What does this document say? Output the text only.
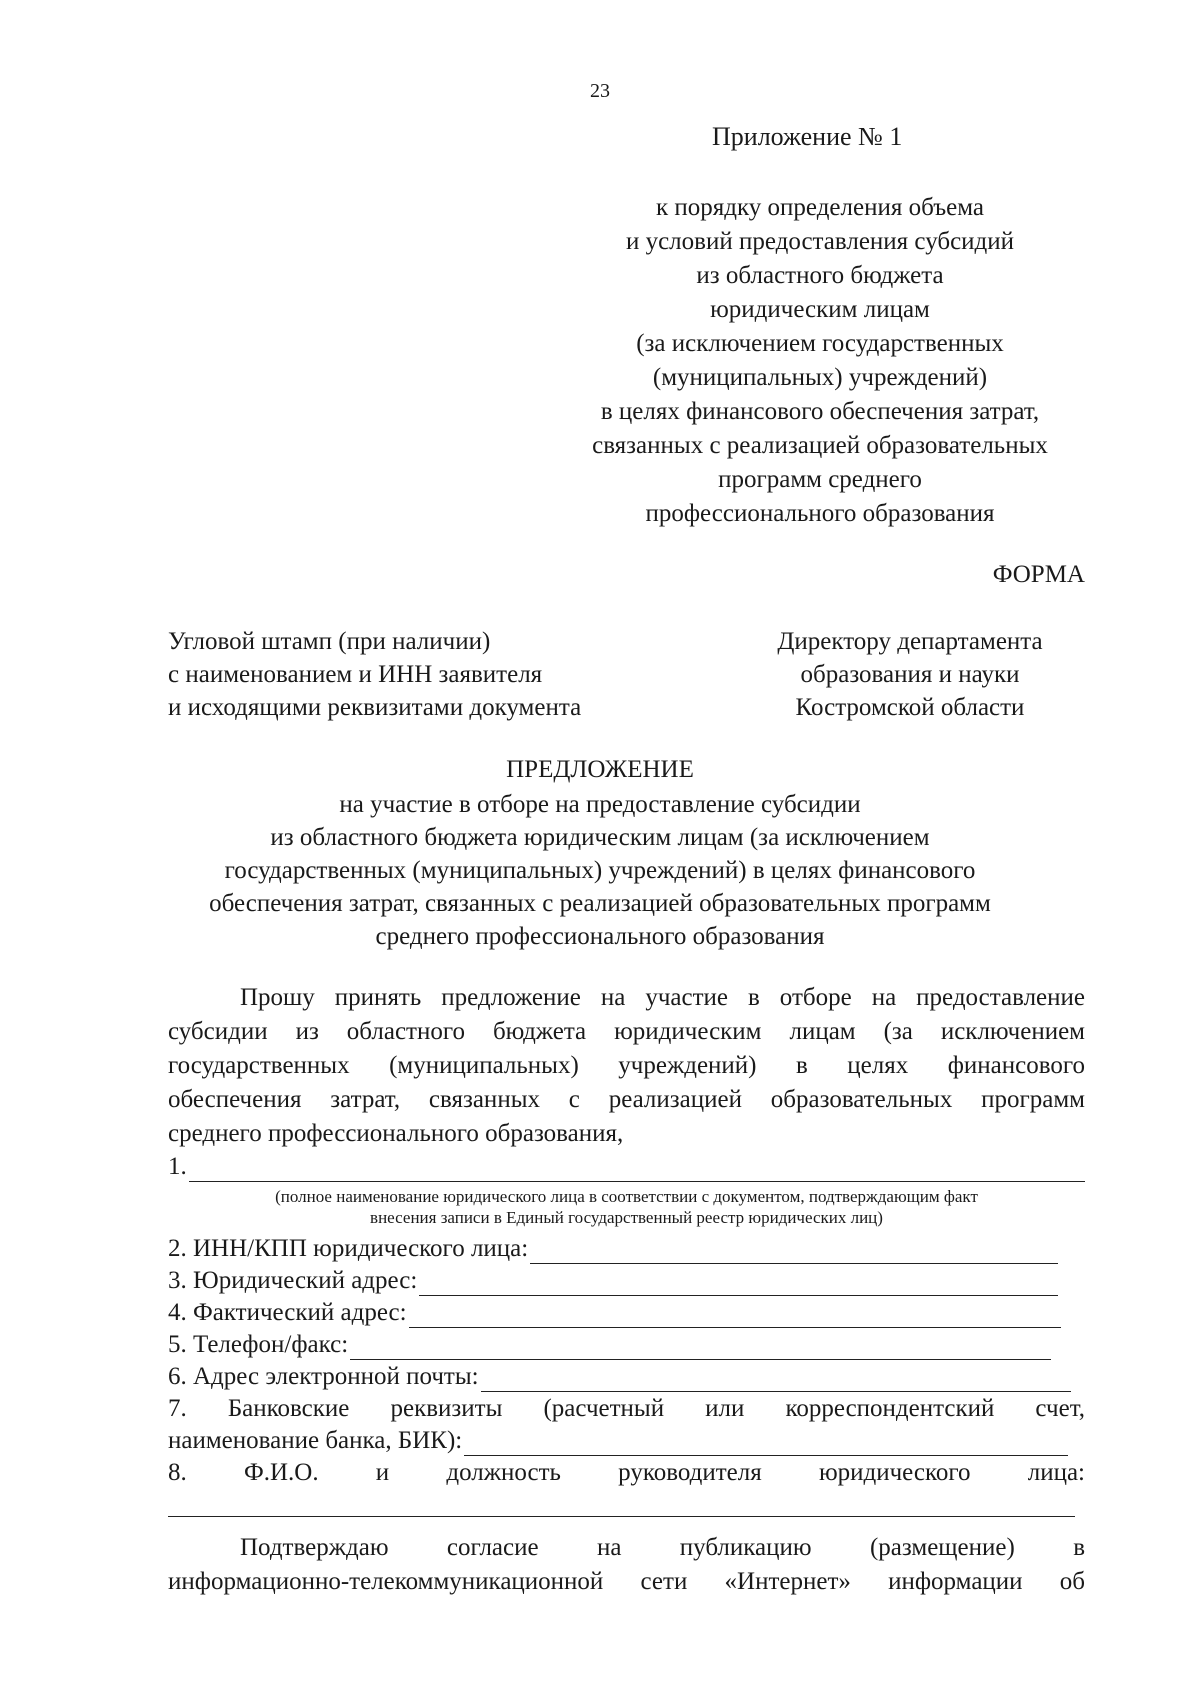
23
Приложение № 1
к порядку определения объема
и условий предоставления субсидий
из областного бюджета
юридическим лицам
(за исключением государственных
(муниципальных) учреждений)
в целях финансового обеспечения затрат,
связанных с реализацией образовательных
программ среднего
профессионального образования
ФОРМА
Угловой штамп (при наличии)
с наименованием и ИНН заявителя
и исходящими реквизитами документа
Директору департамента
образования и науки
Костромской области
ПРЕДЛОЖЕНИЕ
на участие в отборе на предоставление субсидии
из областного бюджета юридическим лицам (за исключением
государственных (муниципальных) учреждений) в целях финансового
обеспечения затрат, связанных с реализацией образовательных программ
среднего профессионального образования
Прошу принять предложение на участие в отборе на предоставление
субсидии из областного бюджета юридическим лицам (за исключением
государственных (муниципальных) учреждений) в целях финансового
обеспечения затрат, связанных с реализацией образовательных программ
среднего профессионального образования,
1.
(полное наименование юридического лица в соответствии с документом, подтверждающим факт
внесения записи в Единый государственный реестр юридических лиц)
2. ИНН/КПП юридического лица:
3. Юридический адрес:
4. Фактический адрес:
5. Телефон/факс:
6. Адрес электронной почты:
7. Банковские реквизиты (расчетный или корреспондентский счет,
наименование банка, БИК):
8. Ф.И.О. и должность руководителя юридического лица:
Подтверждаю согласие на публикацию (размещение) в
информационно-телекоммуникационной сети «Интернет» информации об
